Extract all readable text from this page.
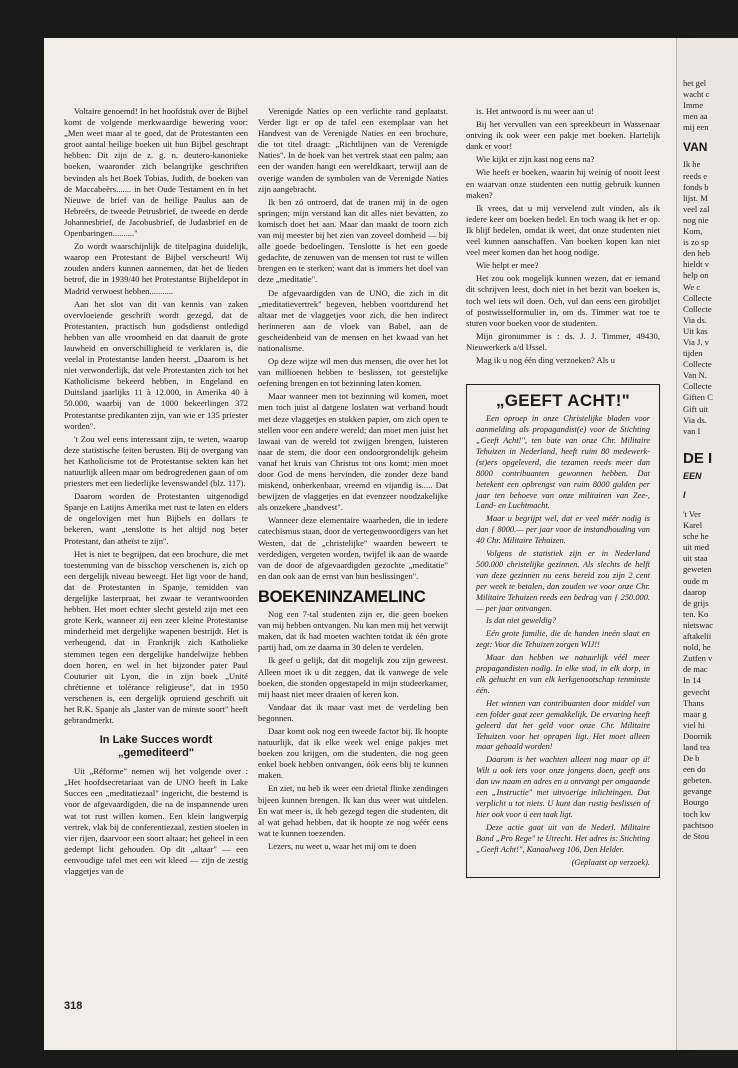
Voltaire genoemd! In het hoofdstuk over de Bijbel komt de volgende merkwaardige bewering voor: „Men weet maar al te goed, dat de Protestanten een groot aantal heilige boeken uit hun Bijbel geschrapt hebben: Dit zijn de z. g. n. deutero-kanonieke boeken, waaronder zich belangrijke geschriften bevinden als het Boek Tobias, Judith, de boeken van de Maccabeërs....... in het Oude Testament en in het Nieuwe de brief van de heilige Paulus aan de Hebreërs, de tweede Petrusbrief, de tweede en derde Johannesbrief, de Jacobusbrief, de Judasbrief en de Openbaringen.........."

Zo wordt waarschijnlijk de titelpagina duidelijk, waarop een Protestant de Bijbel verscheurt! Wij zouden anders kunnen aannemen, dat het de lieden betrof, die in 1939/40 het Protestantse Bijbeldepot in Madrid verwoest hebben...........

Aan het slot van dit van kennis van zaken overvloeiende geschrift wordt gezegd, dat de Protestanten, practisch hun godsdienst ontledigd hebben van alle vroomheid en dat daaruit de grote lauwheid en onverschilligheid te verklaren is, die veelal in Protestantse landen heerst. „Daarom is het niet verwonderlijk, dat vele Protestanten zich tot het Katholicisme bekeerd hebben, in Engeland en Duitsland jaarlijks 11 à 12.000, in Amerika 40 à 50.000, waarbij van de 1000 bekeerlingen 372 Protestantse predikanten zijn, van wie er 135 priester worden".

't Zou wel eens interessant zijn, te weten, waarop deze statistische feiten berusten. Bij de overgang van het Katholicisme tot de Protestantse sekten kan het natuurlijk alleen maar om bedrogredenen gaan of om priesters met een liederlijke levenswandel (blz. 117).

Daarom worden de Protestanten uitgenodigd Spanje en Latijns Amerika met rust te laten en elders de ongelovigen met hun Bijbels en dollars te bekeren, want „tenslotte is het altijd nog beter Protestant, dan atheïst te zijn".

Het is niet te begrijpen, dat een brochure, die met toestemming van de bisschop verschenen is, zich op een dergelijk niveau beweegt. Het ligt voor de hand, dat de Protestanten in Spanje, temidden van dergelijke lasterpraat, het zwaar te verantwoorden hebben. Het moet echter slecht gesteld zijn met een grote Kerk, wanneer zij een zeer kleine Protestantse minderheid met dergelijke wapenen bestrijdt. Het is verheugend, dat in Frankrijk zich Katholieke stemmen tegen een dergelijke handelwijze hebben doen horen, en wel in het bijzonder pater Paul Couturier uit Lyon, die in zijn boek „Unité chrétienne et tolérance religieuse", dat in 1950 verschenen is, een dergelijk opruiend geschrift uit het R.K. Spanje als „laster van de minste soort" heeft gebrandmerkt.

In Lake Succes wordt
„gemediteerd"

Uit „Réforme" nemen wij het volgende over : „Het hoofdsecretariaat van de UNO heeft in Lake Succes een „meditatiezaal" ingericht, die bestemd is voor de afgevaardigden, die na de inspannende uren wat tot rust willen komen. Een klein langwerpig vertrek, vlak bij de conferentiezaal, zestien stoelen in vier rijen, daarvoor een soort altaar; het geheel in een gedempt licht gehouden. Op dit „altaar" — een eenvoudige tafel met een wit kleed — zijn de zestig vlaggetjes van de

Verenigde Naties op een verlichte rand geplaatst. Verder ligt er op de tafel een exemplaar van het Handvest van de Verenigde Naties en een brochure, die tot titel draagt: „Richtlijnen van de Verenigde Naties". In de hoek van het vertrek staat een palm; aan een der wanden hangt een wereldkaart, terwijl aan de overige wanden de symbolen van de Verenigde Naties zijn aangebracht.

Ik ben zó ontroerd, dat de tranen mij in de ogen springen; mijn verstand kan dit alles niet bevatten, zo komisch doet het aan. Maar dan maakt de toorn zich van mij meester bij het zien van zoveel domheid — bij alle goede bedoelingen. Tenslotte is het een goede gedachte, de zenuwen van de mensen tot rust te willen brengen en te sterken; want dat is immers het doel van deze „meditatie".

De afgevaardigden van de UNO, die zich in dit „meditatievertrek" begeven, hebben voortdurend het altaar met de vlaggetjes voor zich, die hen indirect herinneren aan de vloek van Babel, aan de gescheidenheid van de mensen en het kwaad van het nationalisme.

Op deze wijze wil men dus mensen, die over het lot van millioenen hebben te beslissen, tot geestelijke oefening brengen en tot bezinning laten komen.

Maar wanneer men tot bezinning wil komen, moet men toch juist al datgene loslaten wat verband houdt met deze vlaggetjes en stukken papier, om zich open te stellen voor een andere wereld; dan moet men juist het lawaai van de wereld tot zwijgen brengen, luisteren naar de stem, die door een ondoorgrondelijk geheim vanaf het kruis van Christus tot ons komt; men moet door God de mens hervinden, die zonder deze band miskend, onherkenbaar, vreemd en vijandig is..... Dat bewijzen de vlaggetjes en dat evenzeer noodzakelijke als onzekere „handvest".

Wanneer deze elementaire waarheden, die in iedere catechismus staan, door de vertegenwoordigers van het Westen, dat de „christelijke" waarden beweert te verdedigen, vergeten worden, twijfel ik aan de waarde van de door de afgevaardigden gezochte „meditatie" en dan ook aan de ernst van hun beslissingen".

BOEKENINZAMELINC

Nog een 7-tal studenten zijn er, die geen boeken van mij hebben ontvangen. Nu kan men mij het verwijt maken, dat ik had moeten wachten totdat ik één grote partij had, om ze daarna in 30 delen te verdelen.

Ik geef u gelijk, dat dit mogelijk zou zijn geweest. Alleen moet ik u dit zeggen, dat ik vanwege de vele boeken, die stonden opgestapeld in mijn studeerkamer, mij haast niet meer draaien of keren kon.

Vandaar dat ik maar vast met de verdeling ben begonnen.

Daar komt ook nog een tweede factor bij. Ik hoopte natuurlijk, dat ik elke week wel enige pakjes met boeken zou krijgen, om die studenten, die nog geen enkel boek hebben ontvangen, óók eens blij te kunnen maken.

En ziet, nu heb ik weer een drietal flinke zendingen bijeen kunnen brengen. Ik kan dus weer wat uitdelen. En wat meer is, ik heb gezegd tegen die studenten, dit al wat gehad hebben, dat ik hoopte ze nog wéér eens wat te kunnen toezenden.

Lezers, nu weet u, waar het mij om te doen

is. Het antwoord is nu weer aan u!

Bij het vervullen van een spreekbeurt in Wassenaar ontving ik ook weer een pakje met boeken. Hartelijk dank er voor!

Wie kijkt er zijn kast nog eens na?

Wie heeft er boeken, waarin hij weinig of nooit leest en waarvan onze studenten een nuttig gebruik kunnen maken?

Ik vrees, dat u mij vervelend zult vinden, als ik iedere keer om boeken bedel. En toch waag ik het er op. Ik blijf bedelen, omdat ik weet, dat onze studenten niet veel kunnen aanschaffen. Van boeken kopen kan niet veel meer komen dan het hoog nodige.

Wie helpt er mee?

Het zou ook mogelijk kunnen wezen, dat er iemand dit schrijven leest, doch niet in het bezit van boeken is, toch wel iets wil doen. Och, vul dan eens een girobiljet of postwisselformulier in, om ds. Timmer wat toe te sturen voor boeken voor de studenten.

Mijn gironummer is : ds. J. J. Timmer, 49430, Nieuwerkerk a/d IJssel.

Mag ik u nog één ding verzoeken? Als u

„GEEFT ACHT!"

Een oproep in onze Christelijke bladen voor aanmelding als propagandist(e) voor de Stichting „Geeft Acht!", ten bate van onze Chr. Militaire Tehuizen in Nederland, heeft ruim 80 medewerk-(st)ers opgeleverd, die tezamen reeds meer dan 8000 contribuanten gewonnen hebben. Dat betekent een opbrengst van ruim 8000 gulden per jaar ten behoeve van onze militairen van Zee-, Land- en Luchtmacht.

Maar u begrijpt wel, dat er veel méér nodig is dan ƒ 8000.— per jaar voor de instandhouding van 40 Chr. Militaire Tehuizen.

Volgens de statistiek zijn er in Nederland 500.000 christelijke gezinnen. Als slechts de helft van deze gezinnen nu eens bereid zou zijn 2 cent per week te betalen, dan zouden we voor onze Chr. Militaire Tehuizen reeds een bedrag van ƒ 250.000.— per jaar ontvangen.

Is dat niet geweldig?

Eén grote familie, die de handen ineén slaat en zegt: Voor die Tehuizen zorgen WIJ!!

Maar dan hebben we natuurlijk véél meer propagandisten nodig. In elke stad, in elk dorp, in elk gehucht en van elk kerkgenootschap tenminste één.

Het winnen van contribuanten door middel van een folder gaat zeer gemakkelijk. De ervaring heeft geleerd dat het geld voor onze Chr. Militaire Tehuizen voor het oprapen ligt. Het moet alleen maar gehaald worden!

Daarom is het wachten alleen nog maar op ú! Wilt u ook iets voor onze jongens doen, geeft ons dan uw naam en adres en u ontvangt per omgaande een „Instructie" met uitvoerige inlichtingen. Dat verplicht u tot niets. U kunt dan rustig beslissen of hier ook voor ú een taak ligt.

Deze actie gaat uit van de Nederl. Militaire Bond „Pro Rege" te Utrecht. Het adres is: Stichting „Geeft Acht!", Kanaalweg 106, Den Helder.

(Geplaatst op verzoek).

318
het gel
wacht c
Imme
men aa
mij een
VAN
Ik he
reeds e
fonds b
lijst. M
veel zal
nog nie
Kom,
is zo sp
den heb
hieldt v
help on
We c
Collecte
Collecte
Via ds.
Uit kas
Via J. v
tijden
Collecte
Van N.
Collecte
Giften C
Gift uit
Via ds.
van I
DE I
EEN
I
't Ver
Karel
sche he
uit med
uit staa
geweten
oude m
daarop
de grijs
ten. Ko
nietswac
aftakelii
nold, he
Zutfen v
de mac
In 14
gevecht
Thans
maar g
viel hi
Doornik
land tea
De b
een do
gebeten.
gevange
Bourgo
toch kw
pachtsoo
de Stou
